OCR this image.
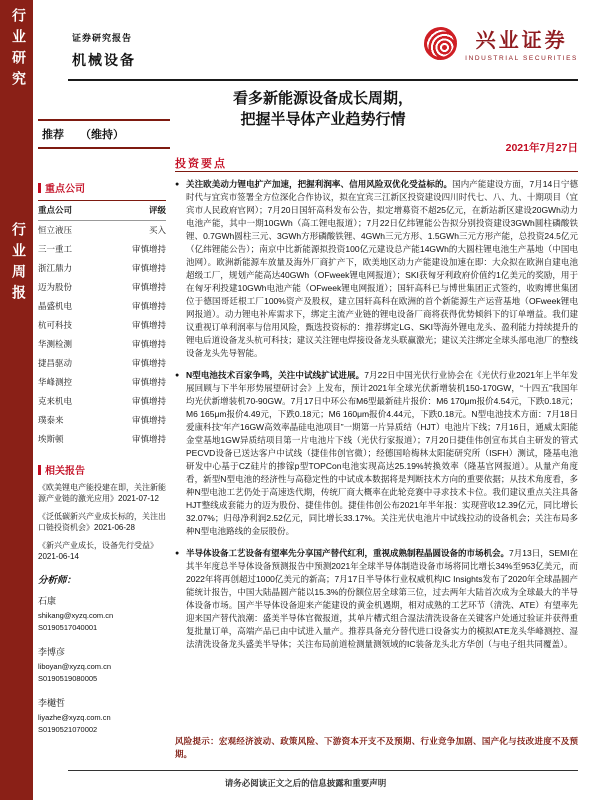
行业研究
行业周报
证券研究报告
机械设备
兴业证券
INDUSTRIAL SECURITIES
看多新能源设备成长周期，
把握半导体产业趋势行情
推荐 （维持）
2021年7月27日
重点公司
重点公司	评级
恒立液压	买入
三一重工	审慎增持
浙江鼎力	审慎增持
迈为股份	审慎增持
晶盛机电	审慎增持
杭可科技	审慎增持
华测检测	审慎增持
捷昌驱动	审慎增持
华峰测控	审慎增持
克来机电	审慎增持
璞泰来	审慎增持
埃斯顿	审慎增持
相关报告
《欧美锂电产能投建在即，关注新能源产业链的激光应用》2021-07-12
《泛低碳新兴产业成长标的，关注出口链投资机会》2021-06-28
《新兴产业成长，设备先行受益》2021-06-14
分析师：
石康
shikang@xyzq.com.cn
S0190517040001
李博彦
liboyan@xyzq.com.cn
S0190519080005
李樾哲
liyazhe@xyzq.com.cn
S0190521070002
投资要点
● 关注欧美动力锂电扩产加速，把握利润率、信用风险双优化受益标的。国内产能建设方面，7月14日宁德时代与宜宾市签署全方位深化合作协议，拟在宜宾三江新区投资建设四川时代七、八、九、十期项目（宜宾市人民政府官网）；7月20日国轩高科发布公告，拟定增募资不超25亿元，在新站新区建设20GWh动力电池产能，其中一期10GWh（高工锂电报道）；7月22日亿纬锂能公告拟分别投资建设3GWh圆柱磷酸铁锂、0.7GWh圆柱三元、3GWh方形磷酸铁锂、4GWh三元方形、1.5GWh三元方形产能，总投资24.5亿元（亿纬锂能公告）；南京中比新能源拟投资100亿元建设总产能14GWh的大圆柱锂电池生产基地（中国电池网）。欧洲新能源车放量及海外厂商扩产下，欧美地区动力产能建设加速在即：大众拟在欧洲自建电池超级工厂，规划产能高达40GWh（OFweek锂电网报道）；SKI获匈牙利政府价值约1亿美元的奖励，用于在匈牙利投建10GWh电池产能（OFweek锂电网报道）；国轩高科已与博世集团正式签约，收购博世集团位于德国哥廷根工厂100%资产及股权，建立国轩高科在欧洲的首个新能源生产运营基地（OFweek锂电网报道）。动力锂电补库需求下，绑定主流产业链的锂电设备厂商将获得优势倾斜下的订单增益。我们建议重视订单利润率与信用风险，甄选投资标的：推荐绑定LG、SKI等海外锂电龙头、盈利能力持续提升的锂电后道设备龙头杭可科技；建议关注锂电焊接设备龙头联赢激光；建议关注绑定全球头部电池厂的整线设备龙头先导智能。
● N型电池技术百家争鸣，关注中试线扩试进展。7月22日中国光伏行业协会在《光伏行业2021年上半年发展回顾与下半年形势展望研讨会》上发布，预计2021年全球光伏新增装机150-170GW，“十四五”我国年均光伏新增装机70-90GW。7月17日中环公布M6型最新硅片报价：M6 170μm报价4.54元，下跌0.18元；M6 165μm报价4.49元，下跌0.18元；M6 160μm报价4.44元，下跌0.18元。N型电池技术方面：7月18日爱康科技“年产16GW高效率晶硅电池项目”一期第一片异质结（HJT）电池片下线；7月16日，通威太阳能金堂基地1GW异质结项目第一片电池片下线（光伏行家报道）；7月20日捷佳伟创宣布其自主研发的管式PECVD设备已送达客户中试线（捷佳伟创官微）；经德国哈梅林太阳能研究所（ISFH）测试，隆基电池研发中心基于CZ硅片的掺镓p型TOPCon电池实现高达25.19%转换效率（隆基官网报道）。从量产角度看，新型N型电池的经济性与高稳定性的中试成本数据将是判断技术方向的重要依据；从技术角度看，多种N型电池工艺仍处于高速迭代期，传统厂商大概率在此轮竞赛中寻求技术卡位。我们建议重点关注具备HJT整线成套能力的迈为股份、捷佳伟创。捷佳伟创公布2021年半年报：实现营收12.39亿元，同比增长32.07%；归母净利润2.52亿元，同比增长33.17%。关注光伏电池片中试线拉动的设备机会；关注布局多种N型电池路线的金辰股份。
● 半导体设备工艺设备有望率先分享国产替代红利，重视成熟制程晶圆设备的市场机会。7月13日，SEMI在其半年度总半导体设备预测报告中预测2021年全球半导体制造设备市场将同比增长34%至953亿美元，而2022年将再创超过1000亿美元的新高；7月17日半导体行业权威机构IC Insights发布了2020年全球晶圆产能统计报告，中国大陆晶圆产能以15.3%的份额位居全球第三位，过去两年大陆首次成为全球最大的半导体设备市场。国产半导体设备迎来产能建设的黄金机遇期，相对成熟的工艺环节（清洗、ATE）有望率先迎来国产替代浪潮：盛美半导体官微报道，其单片槽式组合湿法清洗设备在关键客户处通过验证并获得重复批量订单，高端产品已由中试进入量产。推荐具备充分替代进口设备实力的模拟ATE龙头华峰测控、湿法清洗设备龙头盛美半导体；关注布局前道检测量测领域的IC装备龙头北方华创（与电子组共同覆盖）。
风险提示：宏观经济波动、政策风险、下游资本开支不及预期、行业竞争加剧、国产化与技改进度不及预期。
请务必阅读正文之后的信息披露和重要声明
